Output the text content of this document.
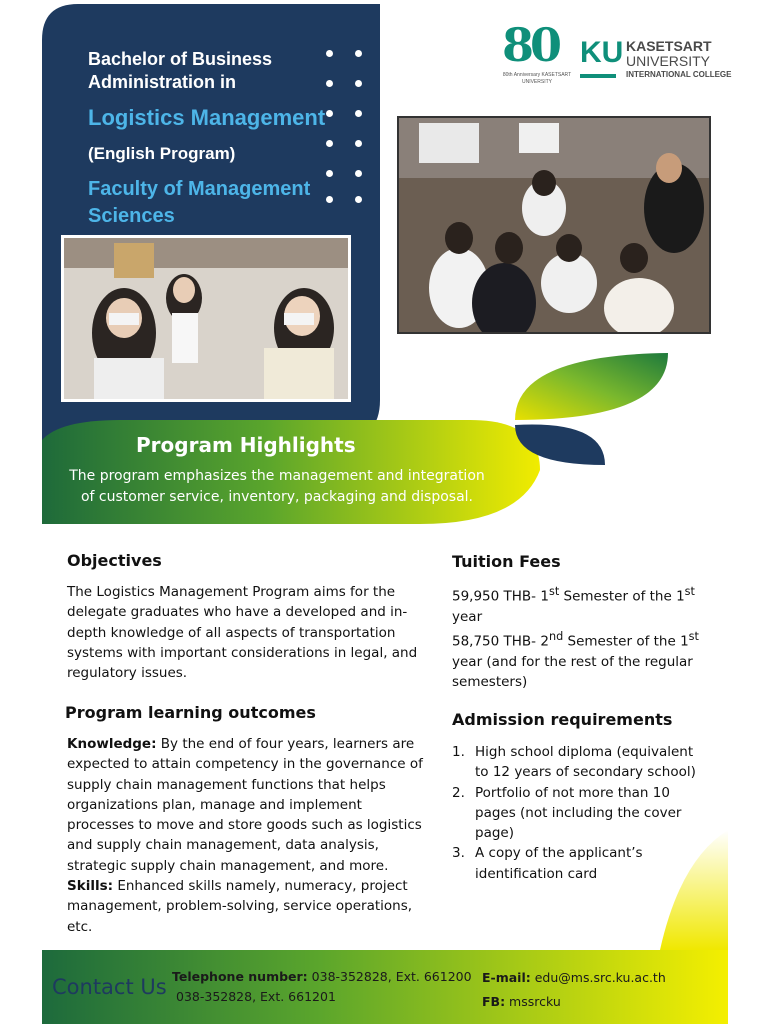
Bachelor of Business Administration in
Logistics Management
(English Program)
Faculty of Management Sciences
80
80th Anniversary KASETSART UNIVERSITY
KU KASETSART
UNIVERSITY
INTERNATIONAL COLLEGE
Program Highlights
The program emphasizes the management and integration of customer service, inventory, packaging and disposal.
Objectives
The Logistics Management Program aims for the delegate graduates who have a developed and in-depth knowledge of all aspects of transportation systems with important considerations in legal, and regulatory issues.
Program learning outcomes
Knowledge: By the end of four years, learners are expected to attain competency in the governance of supply chain management functions that helps organizations plan, manage and implement processes to move and store goods such as logistics and supply chain management, data analysis, strategic supply chain management, and more.
Skills: Enhanced skills namely, numeracy, project management, problem-solving, service operations, etc.
Tuition Fees
59,950 THB- 1st Semester of the 1st year
58,750 THB- 2nd Semester of the 1st year (and for the rest of the regular semesters)
Admission requirements
1. High school diploma (equivalent to 12 years of secondary school)
2. Portfolio of not more than 10 pages (not including the cover page)
3. A copy of the applicant’s identification card
Contact Us Telephone number: 038-352828, Ext. 661200
038-352828, Ext. 661201
E-mail: edu@ms.src.ku.ac.th
FB: mssrcku
